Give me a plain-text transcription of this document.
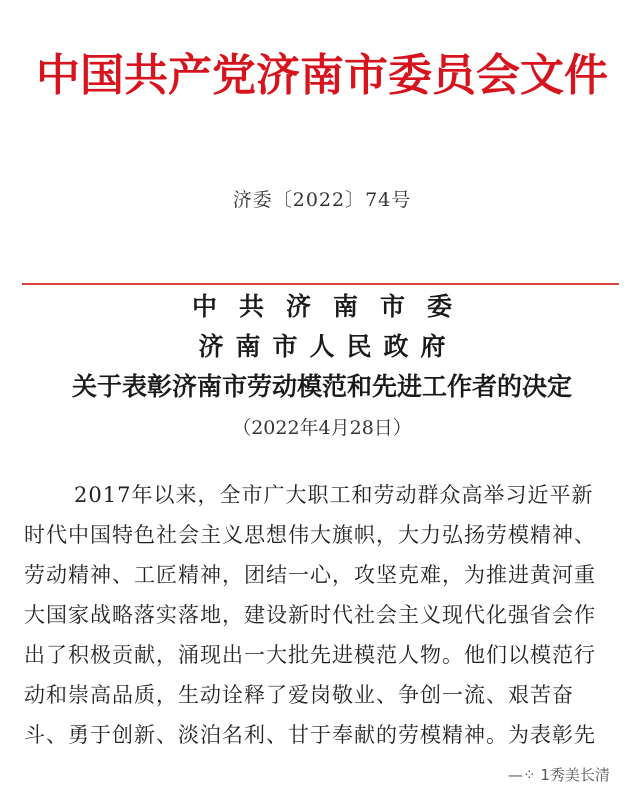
中国共产党济南市委员会文件
济委〔2022〕74号
中共济南市委
济南市人民政府
关于表彰济南市劳动模范和先进工作者的决定
（2022年4月28日）
2017年以来，全市广大职工和劳动群众高举习近平新
时代中国特色社会主义思想伟大旗帜，大力弘扬劳模精神、
劳动精神、工匠精神，团结一心，攻坚克难，为推进黄河重
大国家战略落实落地，建设新时代社会主义现代化强省会作
出了积极贡献，涌现出一大批先进模范人物。他们以模范行
动和崇高品质，生动诠释了爱岗敬业、争创一流、艰苦奋
斗、勇于创新、淡泊名利、甘于奉献的劳模精神。为表彰先
—⁘ 1秀美长清
